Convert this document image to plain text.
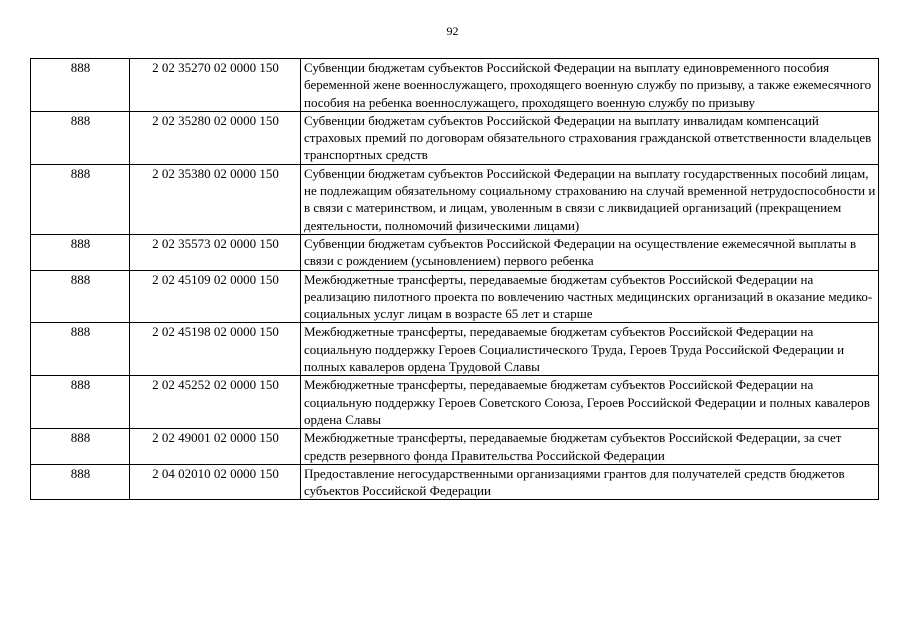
92
888	2 02 35270 02 0000 150	Субвенции бюджетам субъектов Российской Федерации на выплату единовременного пособия беременной жене военнослужащего, проходящего военную службу по призыву, а также ежемесячного пособия на ребенка военнослужащего, проходящего военную службу по призыву
888	2 02 35280 02 0000 150	Субвенции бюджетам субъектов Российской Федерации на выплату инвалидам компенсаций страховых премий по договорам обязательного страхования гражданской ответственности владельцев транспортных средств
888	2 02 35380 02 0000 150	Субвенции бюджетам субъектов Российской Федерации на выплату государственных пособий лицам, не подлежащим обязательному социальному страхованию на случай временной нетрудоспособности и в связи с материнством, и лицам, уволенным в связи с ликвидацией организаций (прекращением деятельности, полномочий физическими лицами)
888	2 02 35573 02 0000 150	Субвенции бюджетам субъектов Российской Федерации на осуществление ежемесячной выплаты в связи с рождением (усыновлением) первого ребенка
888	2 02 45109 02 0000 150	Межбюджетные трансферты, передаваемые бюджетам субъектов Российской Федерации на реализацию пилотного проекта по вовлечению частных медицинских организаций в оказание медико-социальных услуг лицам в возрасте 65 лет и старше
888	2 02 45198 02 0000 150	Межбюджетные трансферты, передаваемые бюджетам субъектов Российской Федерации на социальную поддержку Героев Социалистического Труда, Героев Труда Российской Федерации и полных кавалеров ордена Трудовой Славы
888	2 02 45252 02 0000 150	Межбюджетные трансферты, передаваемые бюджетам субъектов Российской Федерации на социальную поддержку Героев Советского Союза, Героев Российской Федерации и полных кавалеров ордена Славы
888	2 02 49001 02 0000 150	Межбюджетные трансферты, передаваемые бюджетам субъектов Российской Федерации, за счет средств резервного фонда Правительства Российской Федерации
888	2 04 02010 02 0000 150	Предоставление негосударственными организациями грантов для получателей средств бюджетов субъектов Российской Федерации
